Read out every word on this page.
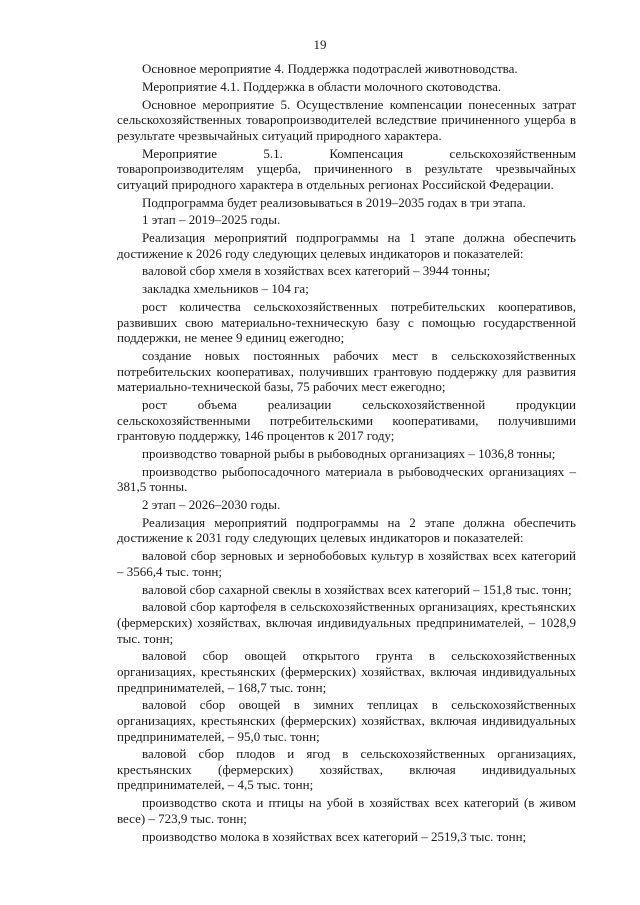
19

Основное мероприятие 4. Поддержка подотраслей животноводства.

Мероприятие 4.1. Поддержка в области молочного скотоводства.

Основное мероприятие 5. Осуществление компенсации понесенных затрат сельскохозяйственных товаропроизводителей вследствие причиненного ущерба в результате чрезвычайных ситуаций природного характера.

Мероприятие 5.1. Компенсация сельскохозяйственным товаропроизводителям ущерба, причиненного в результате чрезвычайных ситуаций природного характера в отдельных регионах Российской Федерации.

Подпрограмма будет реализовываться в 2019–2035 годах в три этапа.

1 этап – 2019–2025 годы.

Реализация мероприятий подпрограммы на 1 этапе должна обеспечить достижение к 2026 году следующих целевых индикаторов и показателей:

валовой сбор хмеля в хозяйствах всех категорий – 3944 тонны;

закладка хмельников – 104 га;

рост количества сельскохозяйственных потребительских кооперативов, развивших свою материально-техническую базу с помощью государственной поддержки, не менее 9 единиц ежегодно;

создание новых постоянных рабочих мест в сельскохозяйственных потребительских кооперативах, получивших грантовую поддержку для развития материально-технической базы, 75 рабочих мест ежегодно;

рост объема реализации сельскохозяйственной продукции сельскохозяйственными потребительскими кооперативами, получившими грантовую поддержку, 146 процентов к 2017 году;

производство товарной рыбы в рыбоводных организациях – 1036,8 тонны;

производство рыбопосадочного материала в рыбоводческих организациях – 381,5 тонны.

2 этап – 2026–2030 годы.

Реализация мероприятий подпрограммы на 2 этапе должна обеспечить достижение к 2031 году следующих целевых индикаторов и показателей:

валовой сбор зерновых и зернобобовых культур в хозяйствах всех категорий – 3566,4 тыс. тонн;

валовой сбор сахарной свеклы в хозяйствах всех категорий – 151,8 тыс. тонн;

валовой сбор картофеля в сельскохозяйственных организациях, крестьянских (фермерских) хозяйствах, включая индивидуальных предпринимателей, – 1028,9 тыс. тонн;

валовой сбор овощей открытого грунта в сельскохозяйственных организациях, крестьянских (фермерских) хозяйствах, включая индивидуальных предпринимателей, – 168,7 тыс. тонн;

валовой сбор овощей в зимних теплицах в сельскохозяйственных организациях, крестьянских (фермерских) хозяйствах, включая индивидуальных предпринимателей, – 95,0 тыс. тонн;

валовой сбор плодов и ягод в сельскохозяйственных организациях, крестьянских (фермерских) хозяйствах, включая индивидуальных предпринимателей, – 4,5 тыс. тонн;

производство скота и птицы на убой в хозяйствах всех категорий (в живом весе) – 723,9 тыс. тонн;

производство молока в хозяйствах всех категорий – 2519,3 тыс. тонн;
